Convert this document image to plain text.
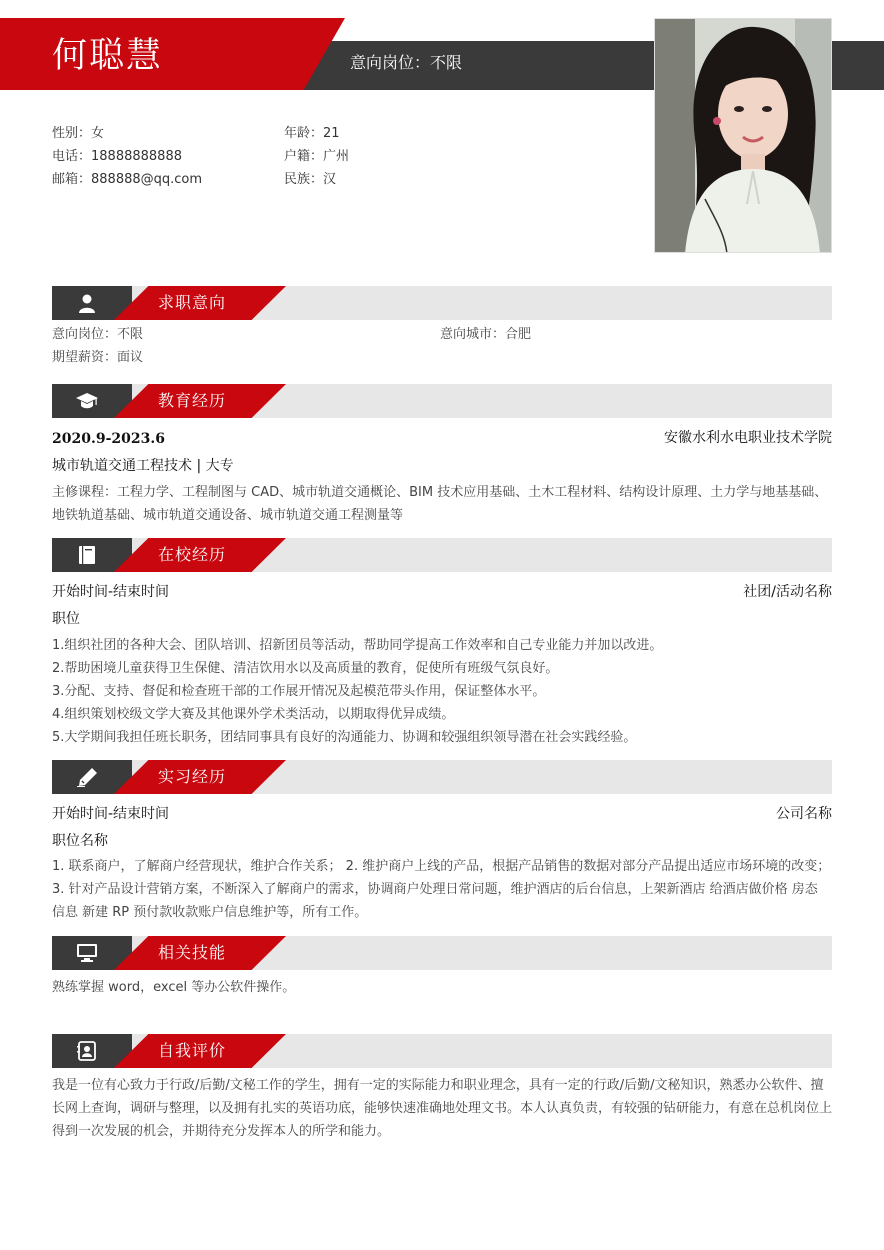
何聪慧	意向岗位：不限
性别：女	年龄：21
电话：18888888888	户籍：广州
邮箱：888888@qq.com	民族：汉
求职意向
意向岗位：不限	意向城市：合肥
期望薪资：面议
教育经历
2020.9-2023.6	安徽水利水电职业技术学院
城市轨道交通工程技术 | 大专
主修课程：工程力学、工程制图与 CAD、城市轨道交通概论、BIM 技术应用基础、土木工程材料、结构设计原理、土力学与地基基础、地铁轨道基础、城市轨道交通设备、城市轨道交通工程测量等
在校经历
开始时间-结束时间	社团/活动名称
职位
1.组织社团的各种大会、团队培训、招新团员等活动，帮助同学提高工作效率和自己专业能力并加以改进。
2.帮助困境儿童获得卫生保健、清洁饮用水以及高质量的教育，促使所有班级气氛良好。
3.分配、支持、督促和检查班干部的工作展开情况及起模范带头作用，保证整体水平。
4.组织策划校级文学大赛及其他课外学术类活动，以期取得优异成绩。
5.大学期间我担任班长职务，团结同事具有良好的沟通能力、协调和较强组织领导潜在社会实践经验。
实习经历
开始时间-结束时间	公司名称
职位名称
1. 联系商户，了解商户经营现状，维护合作关系； 2. 维护商户上线的产品，根据产品销售的数据对部分产品提出适应市场环境的改变； 3. 针对产品设计营销方案，不断深入了解商户的需求，协调商户处理日常问题，维护酒店的后台信息，上架新酒店 给酒店做价格 房态 信息 新建 RP 预付款收款账户信息维护等，所有工作。
相关技能
熟练掌握 word，excel 等办公软件操作。
自我评价
我是一位有心致力于行政/后勤/文秘工作的学生，拥有一定的实际能力和职业理念，具有一定的行政/后勤/文秘知识，熟悉办公软件、擅长网上查询，调研与整理，以及拥有扎实的英语功底，能够快速准确地处理文书。本人认真负责，有较强的钻研能力，有意在总机岗位上得到一次发展的机会，并期待充分发挥本人的所学和能力。
